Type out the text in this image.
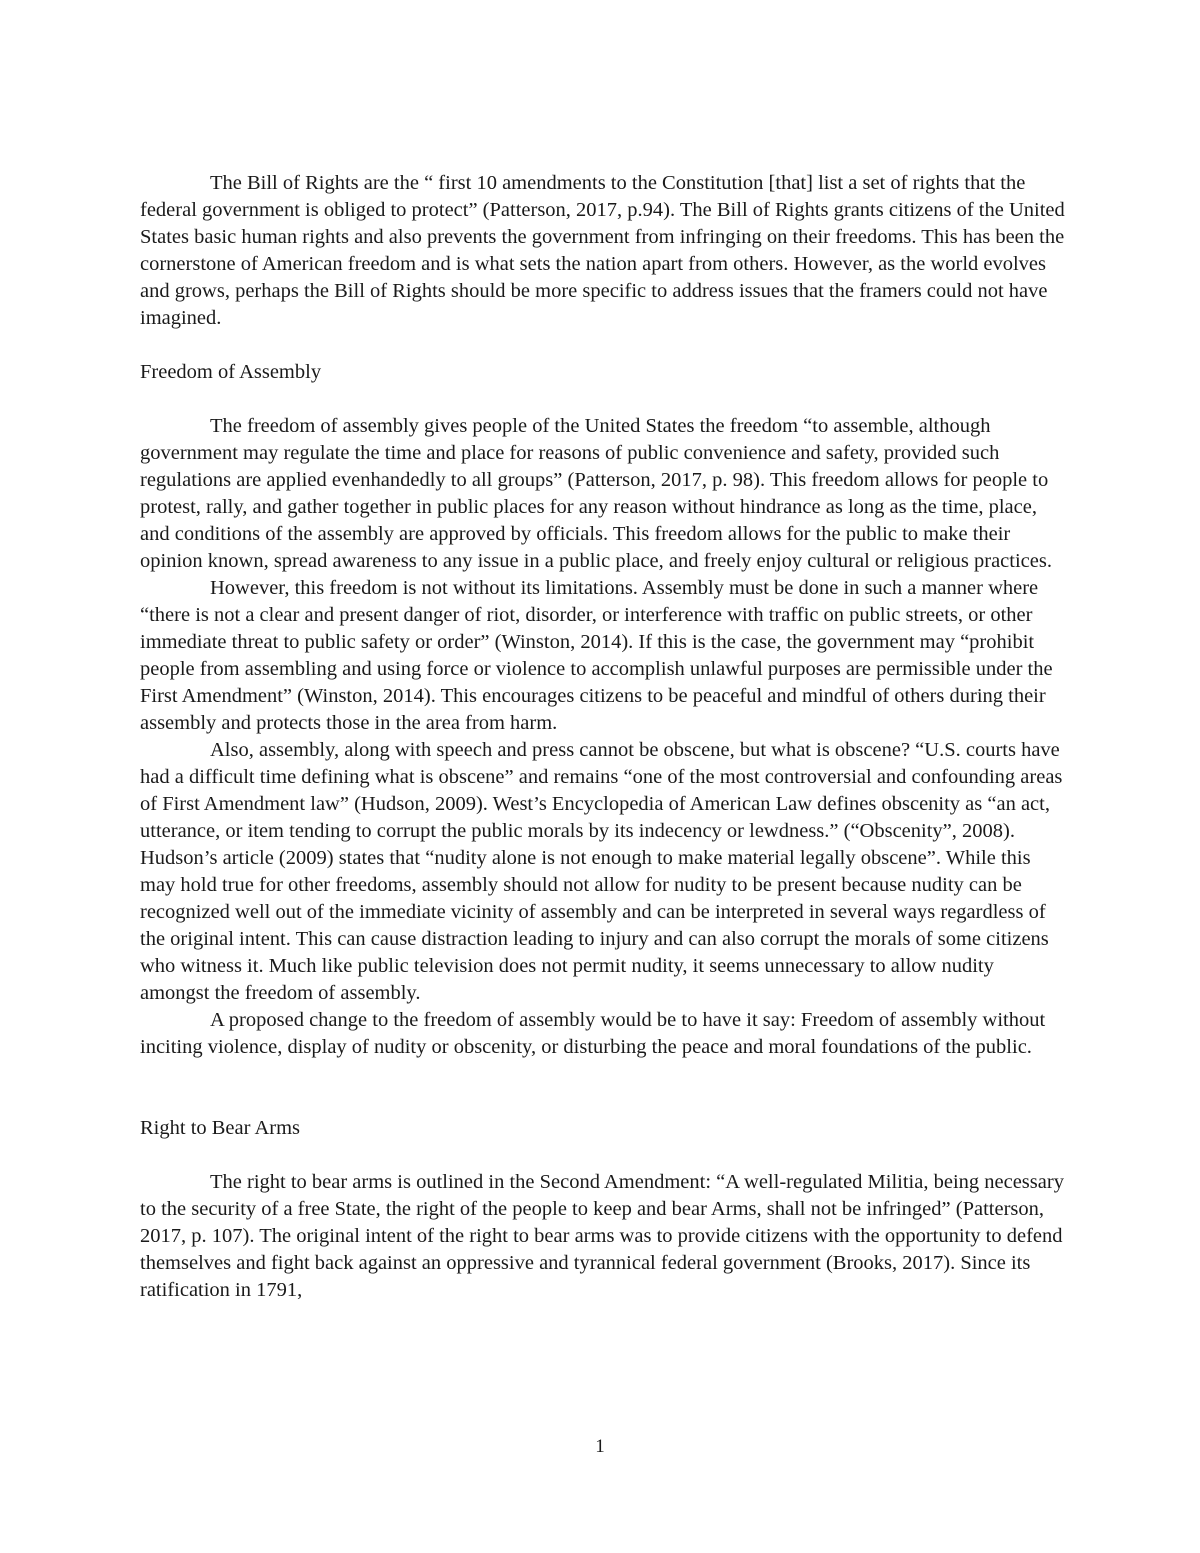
The Bill of Rights are the “ first 10 amendments to the Constitution [that] list a set of rights that the federal government is obliged to protect” (Patterson, 2017, p.94). The Bill of Rights grants citizens of the United States basic human rights and also prevents the government from infringing on their freedoms. This has been the cornerstone of American freedom and is what sets the nation apart from others. However, as the world evolves and grows, perhaps the Bill of Rights should be more specific to address issues that the framers could not have imagined.

Freedom of Assembly

The freedom of assembly gives people of the United States the freedom “to assemble, although government may regulate the time and place for reasons of public convenience and safety, provided such regulations are applied evenhandedly to all groups” (Patterson, 2017, p. 98). This freedom allows for people to protest, rally, and gather together in public places for any reason without hindrance as long as the time, place, and conditions of the assembly are approved by officials. This freedom allows for the public to make their opinion known, spread awareness to any issue in a public place, and freely enjoy cultural or religious practices.

However, this freedom is not without its limitations. Assembly must be done in such a manner where “there is not a clear and present danger of riot, disorder, or interference with traffic on public streets, or other immediate threat to public safety or order” (Winston, 2014). If this is the case, the government may “prohibit people from assembling and using force or violence to accomplish unlawful purposes are permissible under the First Amendment” (Winston, 2014). This encourages citizens to be peaceful and mindful of others during their assembly and protects those in the area from harm.

Also, assembly, along with speech and press cannot be obscene, but what is obscene? “U.S. courts have had a difficult time defining what is obscene” and remains “one of the most controversial and confounding areas of First Amendment law” (Hudson, 2009). West’s Encyclopedia of American Law defines obscenity as “an act, utterance, or item tending to corrupt the public morals by its indecency or lewdness.” (“Obscenity”, 2008). Hudson’s article (2009) states that “nudity alone is not enough to make material legally obscene”. While this may hold true for other freedoms, assembly should not allow for nudity to be present because nudity can be recognized well out of the immediate vicinity of assembly and can be interpreted in several ways regardless of the original intent. This can cause distraction leading to injury and can also corrupt the morals of some citizens who witness it. Much like public television does not permit nudity, it seems unnecessary to allow nudity amongst the freedom of assembly.

A proposed change to the freedom of assembly would be to have it say: Freedom of assembly without inciting violence, display of nudity or obscenity, or disturbing the peace and moral foundations of the public.

Right to Bear Arms

The right to bear arms is outlined in the Second Amendment: “A well-regulated Militia, being necessary to the security of a free State, the right of the people to keep and bear Arms, shall not be infringed” (Patterson, 2017, p. 107). The original intent of the right to bear arms was to provide citizens with the opportunity to defend themselves and fight back against an oppressive and tyrannical federal government (Brooks, 2017). Since its ratification in 1791,

1
